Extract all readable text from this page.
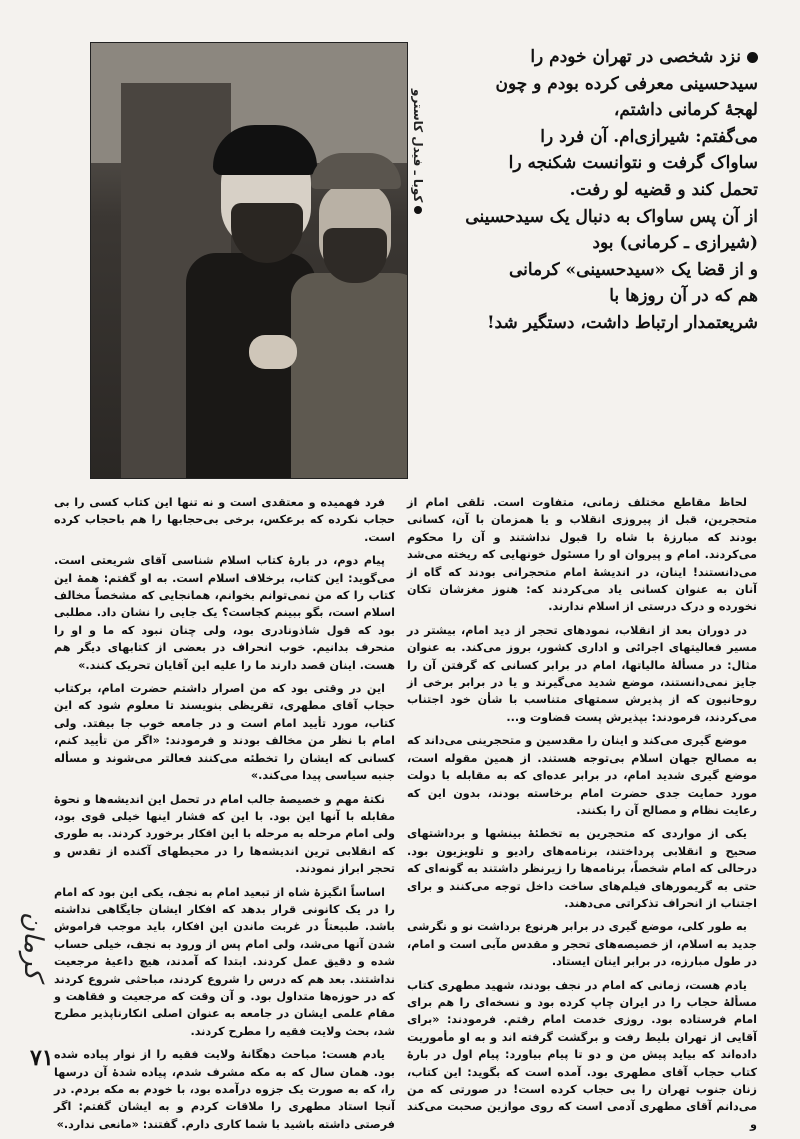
کوبا ـ فیدل کاسترو
نزد شخصی در تهران خودم را
سیدحسینی معرفی کرده بودم و چون
لهجهٔ کرمانی داشتم،
می‌گفتم: شیرازی‌ام. آن فرد را
ساواک گرفت و نتوانست شکنجه را
تحمل کند و قضیه لو رفت.
از آن پس ساواک به دنبال یک سیدحسینی
(شیرازی ـ کرمانی) بود
و از قضا یک «سیدحسینی» کرمانی
هم که در آن روزها با
شریعتمدار ارتباط داشت، دستگیر شد!

لحاظ مقاطع مختلف زمانی، متفاوت است. تلقی امام از متحجرین، قبل از پیروزی انقلاب و یا همزمان با آن، کسانی بودند که مبارزهٔ با شاه را قبول نداشتند و آن را محکوم می‌کردند. امام و پیروان او را مسئول خونهایی که ریخته می‌شد می‌دانستند! اینان، در اندیشهٔ امام متحجرانی بودند که گاه از آنان به عنوان کسانی یاد می‌کردند که: هنوز مغزشان تکان نخورده و درک درستی از اسلام ندارند.

در دوران بعد از انقلاب، نمودهای تحجر از دید امام، بیشتر در مسیر فعالیتهای اجرائی و اداری کشور، بروز می‌کند. به عنوان مثال: در مسألهٔ مالیاتها، امام در برابر کسانی که گرفتن آن را جایز نمی‌دانستند، موضع شدید می‌گیرند و یا در برابر برخی از روحانیون که از پذیرش سمتهای متناسب با شأن خود اجتناب می‌کردند، فرمودند: بپذیرش پست قضاوت و...

موضع گیری می‌کند و اینان را مقدسین و متحجرینی می‌داند که به مصالح جهان اسلام بی‌توجه هستند. از همین مقوله است، موضع گیری شدید امام، در برابر عده‌ای که به مقابله با دولت مورد حمایت جدی حضرت امام برخاسته بودند، بدون این که رعایت نظام و مصالح آن را بکنند.

یکی از مواردی که متحجرین به تخطئهٔ بینشها و برداشتهای صحیح و انقلابی پرداختند، برنامه‌های رادیو و تلویزیون بود. درحالی که امام شخصاً، برنامه‌ها را زیرنظر داشتند به گونه‌ای که حتی به گریمورهای فیلم‌های ساخت داخل توجه می‌کنند و برای اجتناب از انحراف تذکراتی می‌دهند.

به طور کلی، موضع گیری در برابر هرنوع برداشت نو و نگرشی جدید به اسلام، از خصیصه‌های تحجر و مقدس مآبی است و امام، در طول مبارزه، در برابر اینان ایستاد.

یادم هست، زمانی که امام در نجف بودند، شهید مطهری کتاب مسألهٔ حجاب را در ایران چاپ کرده بود و نسخه‌ای را هم برای امام فرستاده بود. روزی خدمت امام رفتم. فرمودند: «برای آقایی از تهران بلیط رفت و برگشت گرفته اند و به او مأموریت داده‌اند که بیاید پیش من و دو تا پیام بیاورد: پیام اول در بارهٔ کتاب حجاب آقای مطهری بود. آمده است که بگوید: این کتاب، زنان جنوب تهران را بی حجاب کرده است! در صورتی که من می‌دانم آقای مطهری آدمی است که روی موازین صحبت می‌کند و

فرد فهمیده و معتقدی است و نه تنها این کتاب کسی را بی حجاب نکرده که برعکس، برخی بی‌حجابها را هم باحجاب کرده است.

پیام دوم، در بارهٔ کتاب اسلام شناسی آقای شریعتی است. می‌گوید: این کتاب، برخلاف اسلام است. به او گفتم: همهٔ این کتاب را که من نمی‌توانم بخوانم، همانجایی که مشخصاً مخالف اسلام است، بگو ببینم کجاست؟ یک جایی را نشان داد. مطلبی بود که قول شاذونادری بود، ولی چنان نبود که ما و او را منحرف بدانیم. خوب انحراف در بعضی از کتابهای دیگر هم هست. اینان قصد دارند ما را علیه این آقایان تحریک کنند.»

این در وقتی بود که من اصرار داشتم حضرت امام، برکتاب حجاب آقای مطهری، تقریظی بنویسند تا معلوم شود که این کتاب، مورد تأیید امام است و در جامعه خوب جا بیفتد. ولی امام با نظر من مخالف بودند و فرمودند: «اگر من تأیید کنم، کسانی که ایشان را تخطئه می‌کنند فعالتر می‌شوند و مسأله جنبه سیاسی پیدا می‌کند.»

نکتهٔ مهم و خصیصهٔ جالب امام در تحمل این اندیشه‌ها و نحوهٔ مقابله با آنها این بود. با این که فشار اینها خیلی قوی بود، ولی امام مرحله به مرحله با این افکار برخورد کردند. به طوری که انقلابی ترین اندیشه‌ها را در محیطهای آکنده از تقدس و تحجر ابراز نمودند.

اساساً انگیزهٔ شاه از تبعید امام به نجف، یکی این بود که امام را در یک کانونی قرار بدهد که افکار ایشان جایگاهی نداشته باشد. طبیعتاً در غربت ماندن این افکار، باید موجب فراموش شدن آنها می‌شد، ولی امام پس از ورود به نجف، خیلی حساب شده و دقیق عمل کردند. ابتدا که آمدند، هیچ داعیهٔ مرجعیت نداشتند. بعد هم که درس را شروع کردند، مباحثی شروع کردند که در حوزه‌ها متداول بود. و آن وقت که مرجعیت و فقاهت و مقام علمی ایشان در جامعه به عنوان اصلی انکارناپذیر مطرح شد، بحث ولایت فقیه را مطرح کردند.

یادم هست: مباحث دهگانهٔ ولایت فقیه را از نوار پیاده شده بود. همان سال که به مکه مشرف شدم، پیاده شدهٔ آن درسها را، که به صورت یک جزوه درآمده بود، با خودم به مکه بردم. در آنجا استاد مطهری را ملاقات کردم و به ایشان گفتم: اگر فرصتی داشته باشید با شما کاری دارم. گفتند: «مانعی ندارد.»

کرمان
۷۱
